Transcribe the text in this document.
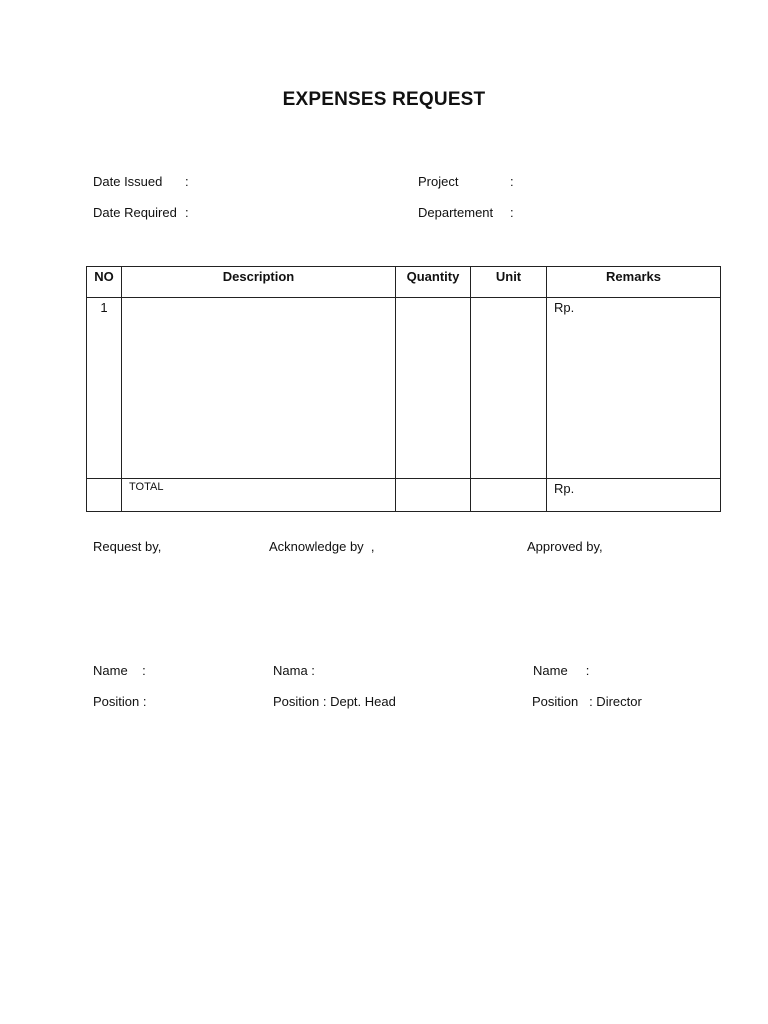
EXPENSES REQUEST
Date Issued :
Date Required :
Project	:
Departement :
NO	Description	Quantity	Unit	Remarks
1				Rp.
	TOTAL			Rp.
Request by,	Acknowledge by  ,	Approved by,
Name    :	Nama :	Name     :
Position :	Position : Dept. Head	Position   : Director
